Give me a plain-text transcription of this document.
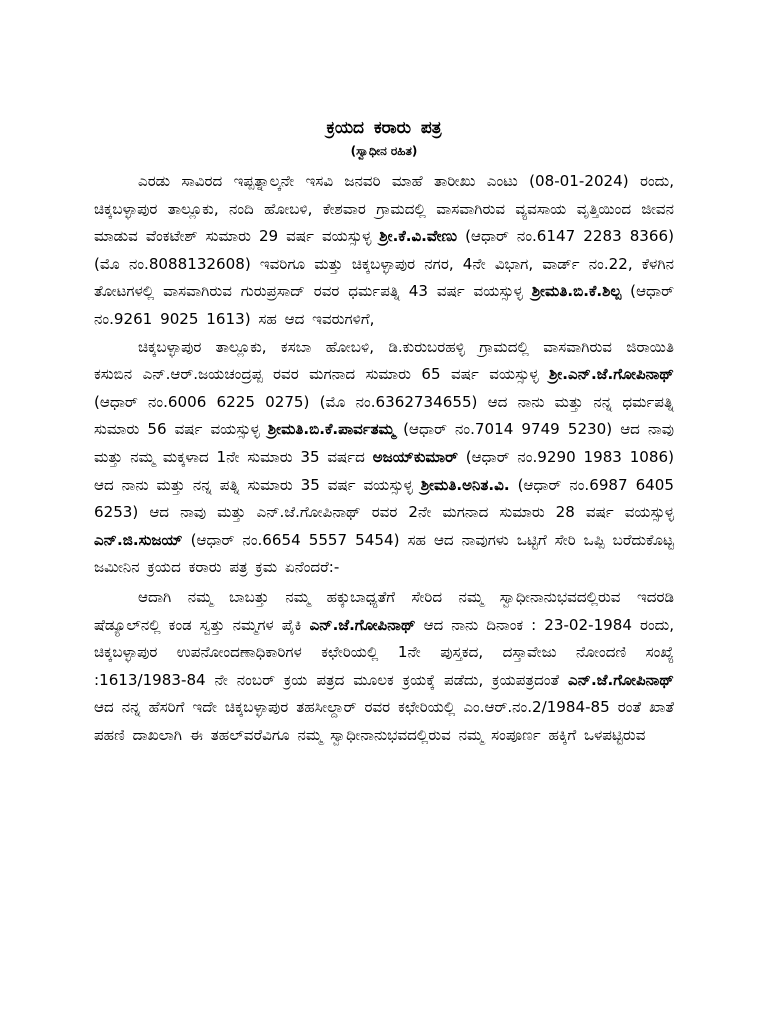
ಕ್ರಯದ ಕರಾರು ಪತ್ರ
(ಸ್ವಾಧೀನ ರಹಿತ)

ಎರಡು ಸಾವಿರದ ಇಪ್ಪತ್ನಾಲ್ಕನೇ ಇಸವಿ ಜನವರಿ ಮಾಹೆ ತಾರೀಖು ಎಂಟು (08-01-2024) ರಂದು, ಚಿಕ್ಕಬಳ್ಳಾಪುರ ತಾಲ್ಲೂಕು, ನಂದಿ ಹೋಬಳಿ, ಕೇಶವಾರ ಗ್ರಾಮದಲ್ಲಿ ವಾಸವಾಗಿರುವ ವ್ಯವಸಾಯ ವೃತ್ತಿಯಿಂದ ಜೀವನ ಮಾಡುವ ವೆಂಕಟೇಶ್ ಸುಮಾರು 29 ವರ್ಷ ವಯಸ್ಸುಳ್ಳ ಶ್ರೀ.ಕೆ.ವಿ.ವೇಣು (ಆಧಾರ್ ನಂ.6147 2283 8366) (ಮೊ ನಂ.8088132608) ಇವರಿಗೂ ಮತ್ತು ಚಿಕ್ಕಬಳ್ಳಾಪುರ ನಗರ, 4ನೇ ವಿಭಾಗ, ವಾರ್ಡ್ ನಂ.22, ಕೆಳಗಿನ ತೋಟಗಳಲ್ಲಿ ವಾಸವಾಗಿರುವ ಗುರುಪ್ರಸಾದ್ ರವರ ಧರ್ಮಪತ್ನಿ 43 ವರ್ಷ ವಯಸ್ಸುಳ್ಳ ಶ್ರೀಮತಿ.ಬಿ.ಕೆ.ಶಿಲ್ಪ (ಆಧಾರ್ ನಂ.9261 9025 1613) ಸಹ ಆದ ಇವರುಗಳಿಗೆ,

ಚಿಕ್ಕಬಳ್ಳಾಪುರ ತಾಲ್ಲೂಕು, ಕಸಬಾ ಹೋಬಳಿ, ಡಿ.ಕುರುಬರಹಳ್ಳಿ ಗ್ರಾಮದಲ್ಲಿ ವಾಸವಾಗಿರುವ ಜಿರಾಯಿತಿ ಕಸುಬಿನ ಎನ್.ಆರ್.ಜಯಚಂದ್ರಪ್ಪ ರವರ ಮಗನಾದ ಸುಮಾರು 65 ವರ್ಷ ವಯಸ್ಸುಳ್ಳ ಶ್ರೀ.ಎನ್.ಜೆ.ಗೋಪಿನಾಥ್ (ಆಧಾರ್ ನಂ.6006 6225 0275) (ಮೊ ನಂ.6362734655) ಆದ ನಾನು ಮತ್ತು ನನ್ನ ಧರ್ಮಪತ್ನಿ ಸುಮಾರು 56 ವರ್ಷ ವಯಸ್ಸುಳ್ಳ ಶ್ರೀಮತಿ.ಬಿ.ಕೆ.ಪಾರ್ವತಮ್ಮ (ಆಧಾರ್ ನಂ.7014 9749 5230) ಆದ ನಾವು ಮತ್ತು ನಮ್ಮ ಮಕ್ಕಳಾದ 1ನೇ ಸುಮಾರು 35 ವರ್ಷದ ಅಜಯ್‌ಕುಮಾರ್ (ಆಧಾರ್ ನಂ.9290 1983 1086) ಆದ ನಾನು ಮತ್ತು ನನ್ನ ಪತ್ನಿ ಸುಮಾರು 35 ವರ್ಷ ವಯಸ್ಸುಳ್ಳ ಶ್ರೀಮತಿ.ಅನಿತ.ವಿ. (ಆಧಾರ್ ನಂ.6987 6405 6253) ಆದ ನಾವು ಮತ್ತು ಎನ್.ಜೆ.ಗೋಪಿನಾಥ್ ರವರ 2ನೇ ಮಗನಾದ ಸುಮಾರು 28 ವರ್ಷ ವಯಸ್ಸುಳ್ಳ ಎನ್.ಜಿ.ಸುಜಯ್ (ಆಧಾರ್ ನಂ.6654 5557 5454) ಸಹ ಆದ ನಾವುಗಳು ಒಟ್ಟಿಗೆ ಸೇರಿ ಒಪ್ಪಿ ಬರೆದುಕೊಟ್ಟ ಜಮೀನಿನ ಕ್ರಯದ ಕರಾರು ಪತ್ರ ಕ್ರಮ ಏನೆಂದರೆ:-

ಆದಾಗಿ ನಮ್ಮ ಬಾಬತ್ತು ನಮ್ಮ ಹಕ್ಕುಬಾಧ್ಯತೆಗೆ ಸೇರಿದ ನಮ್ಮ ಸ್ವಾಧೀನಾನುಭವದಲ್ಲಿರುವ ಇದರಡಿ ಷೆಡ್ಯೂಲ್‌ನಲ್ಲಿ ಕಂಡ ಸ್ವತ್ತು ನಮ್ಮಗಳ ಪೈಕಿ ಎನ್.ಜೆ.ಗೋಪಿನಾಥ್ ಆದ ನಾನು ದಿನಾಂಕ : 23-02-1984 ರಂದು, ಚಿಕ್ಕಬಳ್ಳಾಪುರ ಉಪನೋಂದಣಾಧಿಕಾರಿಗಳ ಕಛೇರಿಯಲ್ಲಿ 1ನೇ ಪುಸ್ತಕದ, ದಸ್ತಾವೇಜು ನೋಂದಣಿ ಸಂಖ್ಯೆ :1613/1983-84 ನೇ ನಂಬರ್ ಕ್ರಯ ಪತ್ರದ ಮೂಲಕ ಕ್ರಯಕ್ಕೆ ಪಡೆದು, ಕ್ರಯಪತ್ರದಂತೆ ಎನ್.ಜೆ.ಗೋಪಿನಾಥ್ ಆದ ನನ್ನ ಹೆಸರಿಗೆ ಇದೇ ಚಿಕ್ಕಬಳ್ಳಾಪುರ ತಹಸೀಲ್ದಾರ್ ರವರ ಕಛೇರಿಯಲ್ಲಿ ಎಂ.ಆರ್.ನಂ.2/1984-85 ರಂತೆ ಖಾತೆ ಪಹಣಿ ದಾಖಲಾಗಿ ಈ ತಹಲ್‌ವರೆವಿಗೂ ನಮ್ಮ ಸ್ವಾಧೀನಾನುಭವದಲ್ಲಿರುವ ನಮ್ಮ ಸಂಪೂರ್ಣ ಹಕ್ಕಿಗೆ ಒಳಪಟ್ಟಿರುವ
